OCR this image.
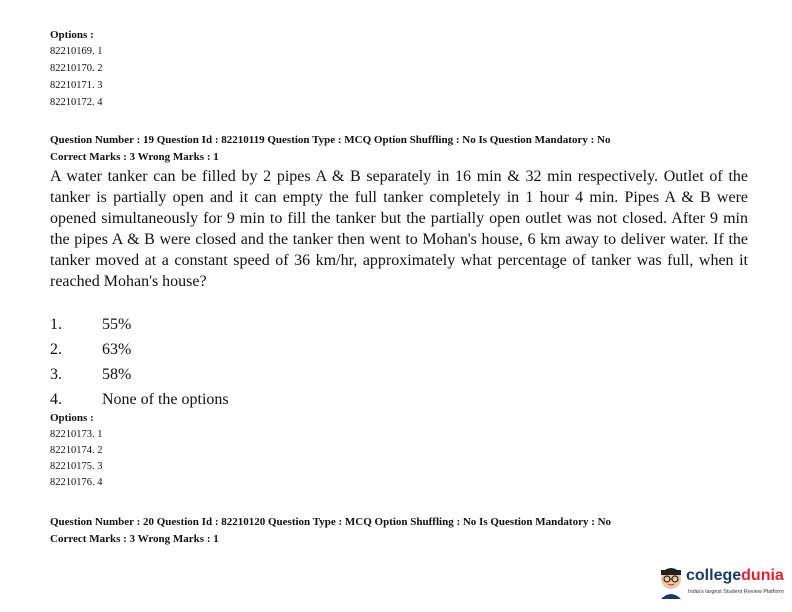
Options :
82210169. 1
82210170. 2
82210171. 3
82210172. 4
Question Number : 19 Question Id : 82210119 Question Type : MCQ Option Shuffling : No Is Question Mandatory : No
Correct Marks : 3 Wrong Marks : 1
A water tanker can be filled by 2 pipes A & B separately in 16 min & 32 min respectively. Outlet of the tanker is partially open and it can empty the full tanker completely in 1 hour 4 min. Pipes A & B were opened simultaneously for 9 min to fill the tanker but the partially open outlet was not closed. After 9 min the pipes A & B were closed and the tanker then went to Mohan's house, 6 km away to deliver water. If the tanker moved at a constant speed of 36 km/hr, approximately what percentage of tanker was full, when it reached Mohan's house?
1.	55%
2.	63%
3.	58%
4.	None of the options
Options :
82210173. 1
82210174. 2
82210175. 3
82210176. 4
Question Number : 20 Question Id : 82210120 Question Type : MCQ Option Shuffling : No Is Question Mandatory : No
Correct Marks : 3 Wrong Marks : 1
collegedunia
India's largest Student Review Platform
